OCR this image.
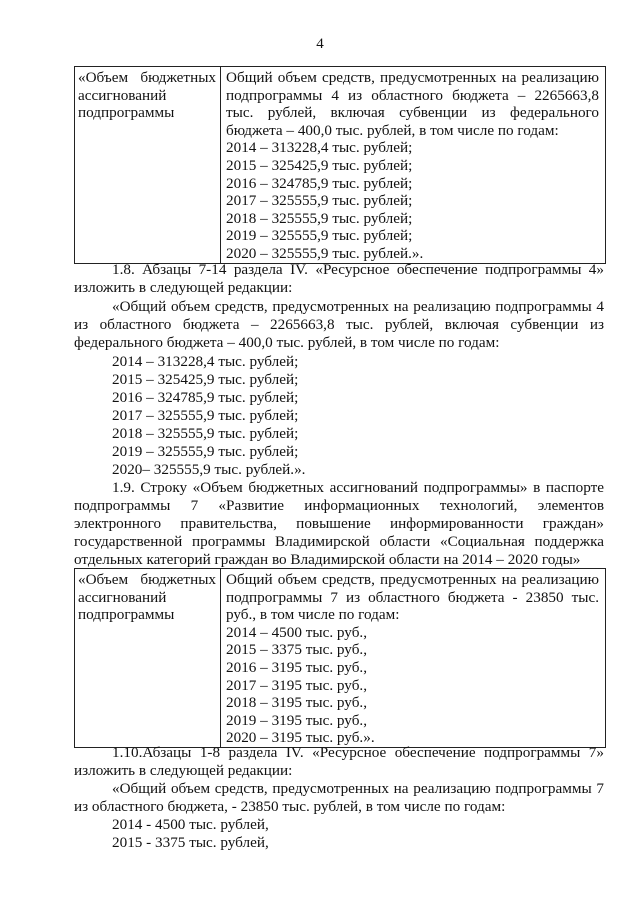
4
«Объем бюджетных
ассигнований
подпрограммы
Общий объем средств, предусмотренных на реализацию
подпрограммы 4 из областного бюджета – 2265663,8
тыс. рублей, включая субвенции из федерального
бюджета – 400,0 тыс. рублей, в том числе по годам:
2014 – 313228,4 тыс. рублей;
2015 – 325425,9 тыс. рублей;
2016 – 324785,9 тыс. рублей;
2017 – 325555,9 тыс. рублей;
2018 – 325555,9 тыс. рублей;
2019 – 325555,9 тыс. рублей;
2020 – 325555,9 тыс. рублей.».
1.8. Абзацы 7-14 раздела IV. «Ресурсное обеспечение подпрограммы 4»
изложить в следующей редакции:
«Общий объем средств, предусмотренных на реализацию подпрограммы 4
из областного бюджета – 2265663,8 тыс. рублей, включая субвенции из
федерального бюджета – 400,0 тыс. рублей, в том числе по годам:
2014 – 313228,4 тыс. рублей;
2015 – 325425,9 тыс. рублей;
2016 – 324785,9 тыс. рублей;
2017 – 325555,9 тыс. рублей;
2018 – 325555,9 тыс. рублей;
2019 – 325555,9 тыс. рублей;
2020– 325555,9 тыс. рублей.».
1.9. Строку «Объем бюджетных ассигнований подпрограммы» в паспорте
подпрограммы 7 «Развитие информационных технологий, элементов
электронного правительства, повышение информированности граждан»
государственной программы Владимирской области «Социальная поддержка
отдельных категорий граждан во Владимирской области на 2014 – 2020 годы»
«Объем бюджетных
ассигнований
подпрограммы
Общий объем средств, предусмотренных на реализацию
подпрограммы 7 из областного бюджета - 23850 тыс.
руб., в том числе по годам:
2014 – 4500 тыс. руб.,
2015 – 3375 тыс. руб.,
2016 – 3195 тыс. руб.,
2017 – 3195 тыс. руб.,
2018 – 3195 тыс. руб.,
2019 – 3195 тыс. руб.,
2020 – 3195 тыс. руб.».
1.10.Абзацы 1-8 раздела IV. «Ресурсное обеспечение подпрограммы 7»
изложить в следующей редакции:
«Общий объем средств, предусмотренных на реализацию подпрограммы 7
из областного бюджета, - 23850 тыс. рублей, в том числе по годам:
2014 - 4500 тыс. рублей,
2015 - 3375 тыс. рублей,
